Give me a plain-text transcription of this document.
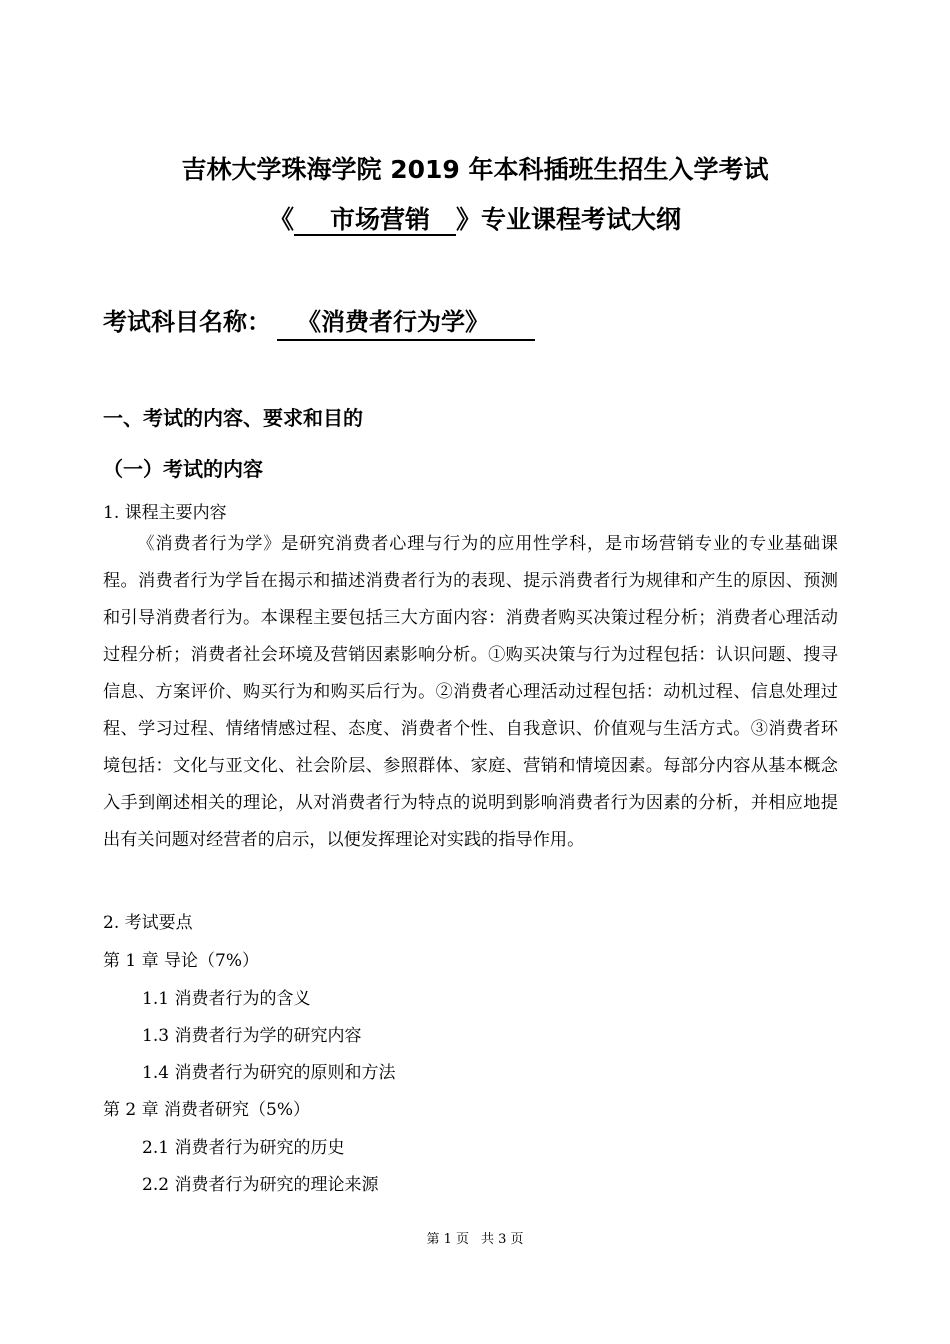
吉林大学珠海学院 2019 年本科插班生招生入学考试
《 市场营销 》专业课程考试大纲
考试科目名称： 《消费者行为学》
一、考试的内容、要求和目的
（一）考试的内容
1. 课程主要内容

《消费者行为学》是研究消费者心理与行为的应用性学科，是市场营销专业的专业基础课程。消费者行为学旨在揭示和描述消费者行为的表现、提示消费者行为规律和产生的原因、预测和引导消费者行为。本课程主要包括三大方面内容：消费者购买决策过程分析；消费者心理活动过程分析；消费者社会环境及营销因素影响分析。①购买决策与行为过程包括：认识问题、搜寻信息、方案评价、购买行为和购买后行为。②消费者心理活动过程包括：动机过程、信息处理过程、学习过程、情绪情感过程、态度、消费者个性、自我意识、价值观与生活方式。③消费者环境包括：文化与亚文化、社会阶层、参照群体、家庭、营销和情境因素。每部分内容从基本概念入手到阐述相关的理论，从对消费者行为特点的说明到影响消费者行为因素的分析，并相应地提出有关问题对经营者的启示，以便发挥理论对实践的指导作用。

2. 考试要点
第 1 章 导论（7%）
1.1 消费者行为的含义
1.3 消费者行为学的研究内容
1.4 消费者行为研究的原则和方法
第 2 章 消费者研究（5%）
2.1 消费者行为研究的历史
2.2 消费者行为研究的理论来源
第 1 页 共 3 页
